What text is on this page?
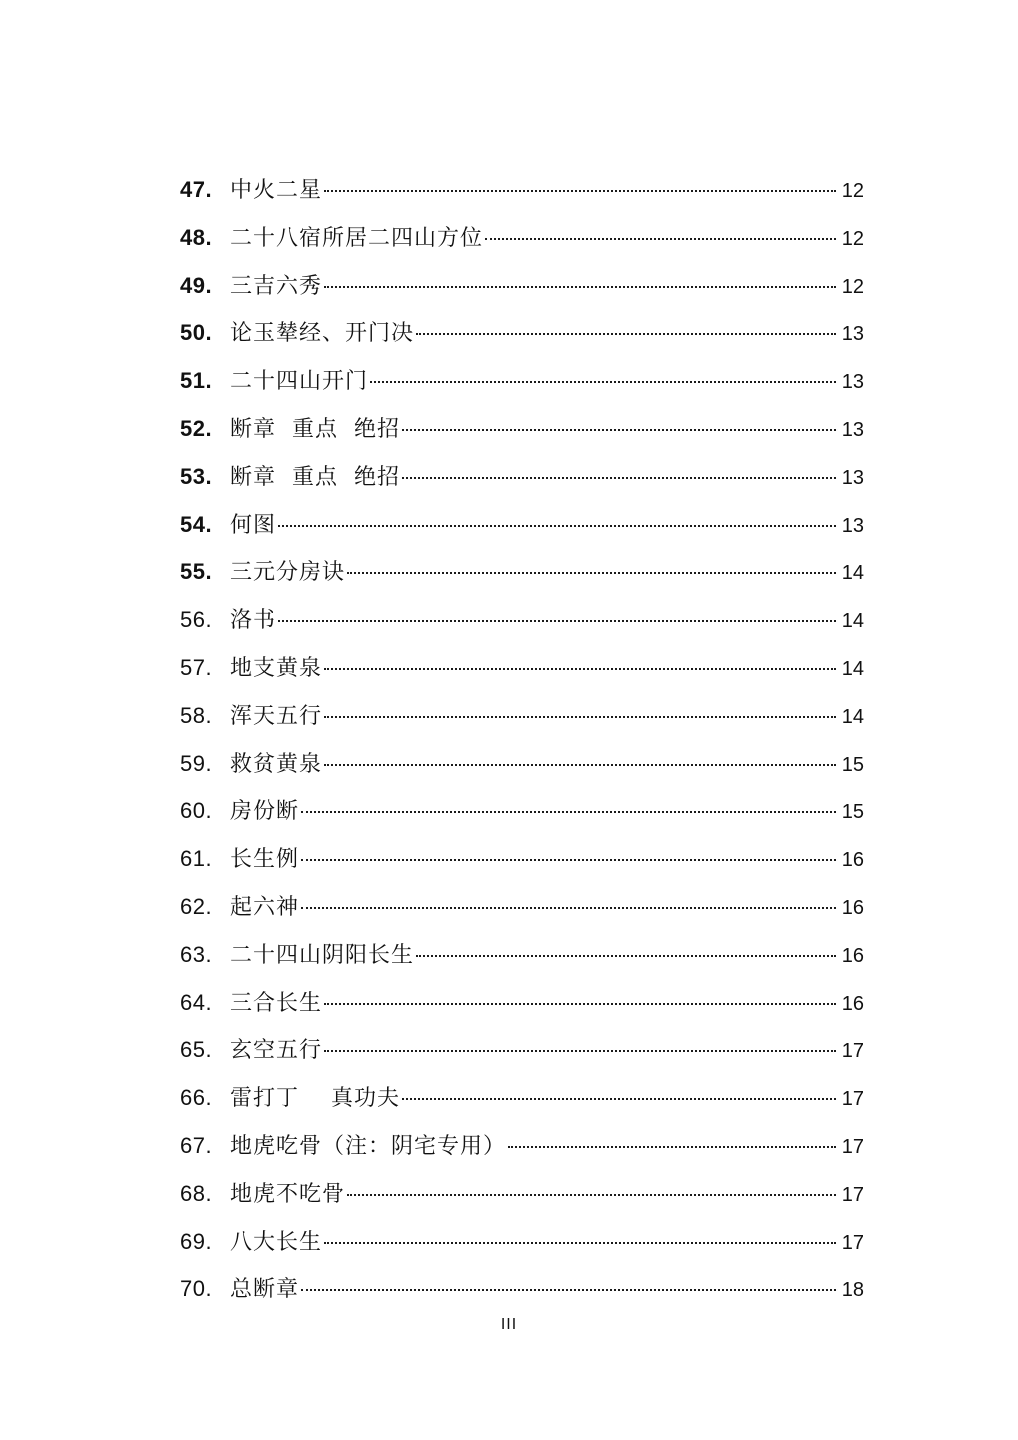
47. 中火二星	12
48. 二十八宿所居二四山方位	12
49. 三吉六秀	12
50. 论玉辇经、开门决	13
51. 二十四山开门	13
52. 断章  重点  绝招	13
53. 断章  重点  绝招	13
54. 何图	13
55. 三元分房诀	14
56. 洛书	14
57. 地支黄泉	14
58. 浑天五行	14
59. 救贫黄泉	15
60. 房份断	15
61. 长生例	16
62. 起六神	16
63. 二十四山阴阳长生	16
64. 三合长生	16
65. 玄空五行	17
66. 雷打丁    真功夫	17
67. 地虎吃骨（注：阴宅专用）	17
68. 地虎不吃骨	17
69. 八大长生	17
70. 总断章	18
III
